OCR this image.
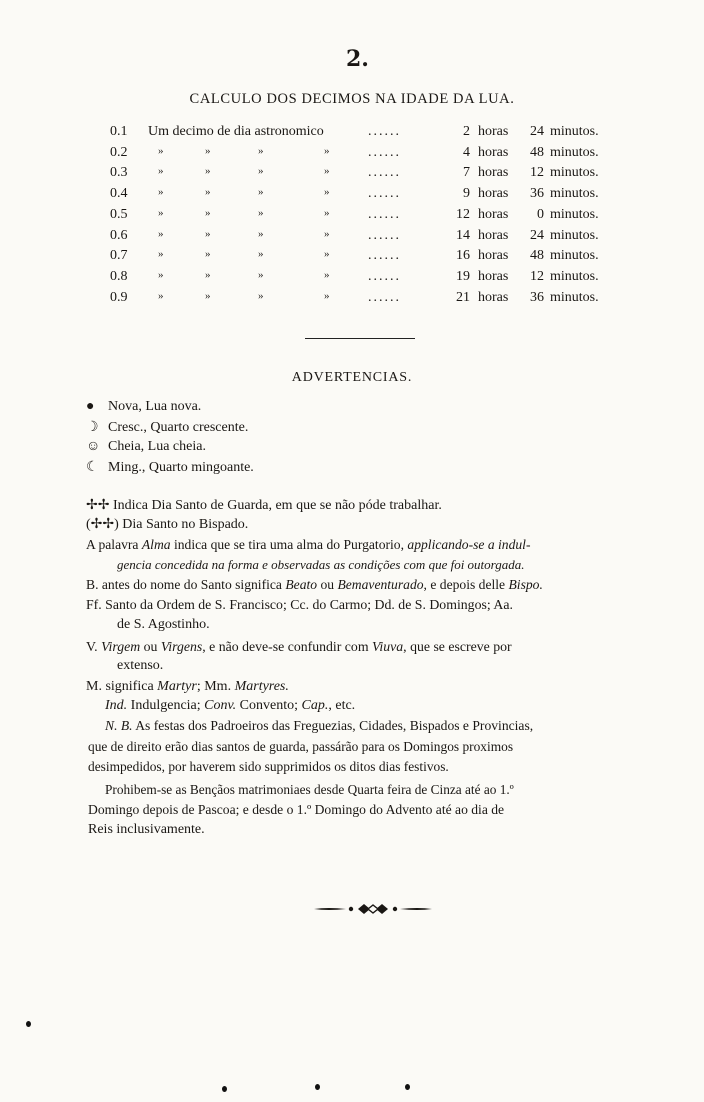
2.
CALCULO DOS DECIMOS NA IDADE DA LUA.
0.1 Um decimo de dia astronomico	......	2 horas	24 minutos.
0.2	»	»	»	»	......	4 horas	48 minutos.
0.3	»	»	»	»	......	7 horas	12 minutos.
0.4	»	»	»	»	......	9 horas	36 minutos.
0.5	»	»	»	»	......	12 horas	0 minutos.
0.6	»	»	»	»	......	14 horas	24 minutos.
0.7	»	»	»	»	......	16 horas	48 minutos.
0.8	»	»	»	»	......	19 horas	12 minutos.
0.9	»	»	»	»	......	21 horas	36 minutos.
ADVERTENCIAS.
● Nova, Lua nova.
☽ Cresc., Quarto crescente.
☺ Cheia, Lua cheia.
☾ Ming., Quarto mingoante.
✢✢ Indica Dia Santo de Guarda, em que se não póde trabalhar.
(✢✢) Dia Santo no Bispado.
A palavra Alma indica que se tira uma alma do Purgatorio, applicando-se a indul-
gencia concedida na forma e observadas as condições com que foi outorgada.
B. antes do nome do Santo significa Beato ou Bemaventurado, e depois delle Bispo.
Ff. Santo da Ordem de S. Francisco; Cc. do Carmo; Dd. de S. Domingos; Aa.
de S. Agostinho.
V. Virgem ou Virgens, e não deve-se confundir com Viuva, que se escreve por
extenso.
M. significa Martyr; Mm. Martyres.
Ind. Indulgencia; Conv. Convento; Cap., etc.
N. B. As festas dos Padroeiros das Freguezias, Cidades, Bispados e Provincias,
que de direito erão dias santos de guarda, passárão para os Domingos proximos
desimpedidos, por haverem sido supprimidos os ditos dias festivos.
Prohibem-se as Bençãos matrimoniaes desde Quarta feira de Cinza até ao 1.º
Domingo depois de Pascoa; e desde o 1.º Domingo do Advento até ao dia de
Reis inclusivamente.
